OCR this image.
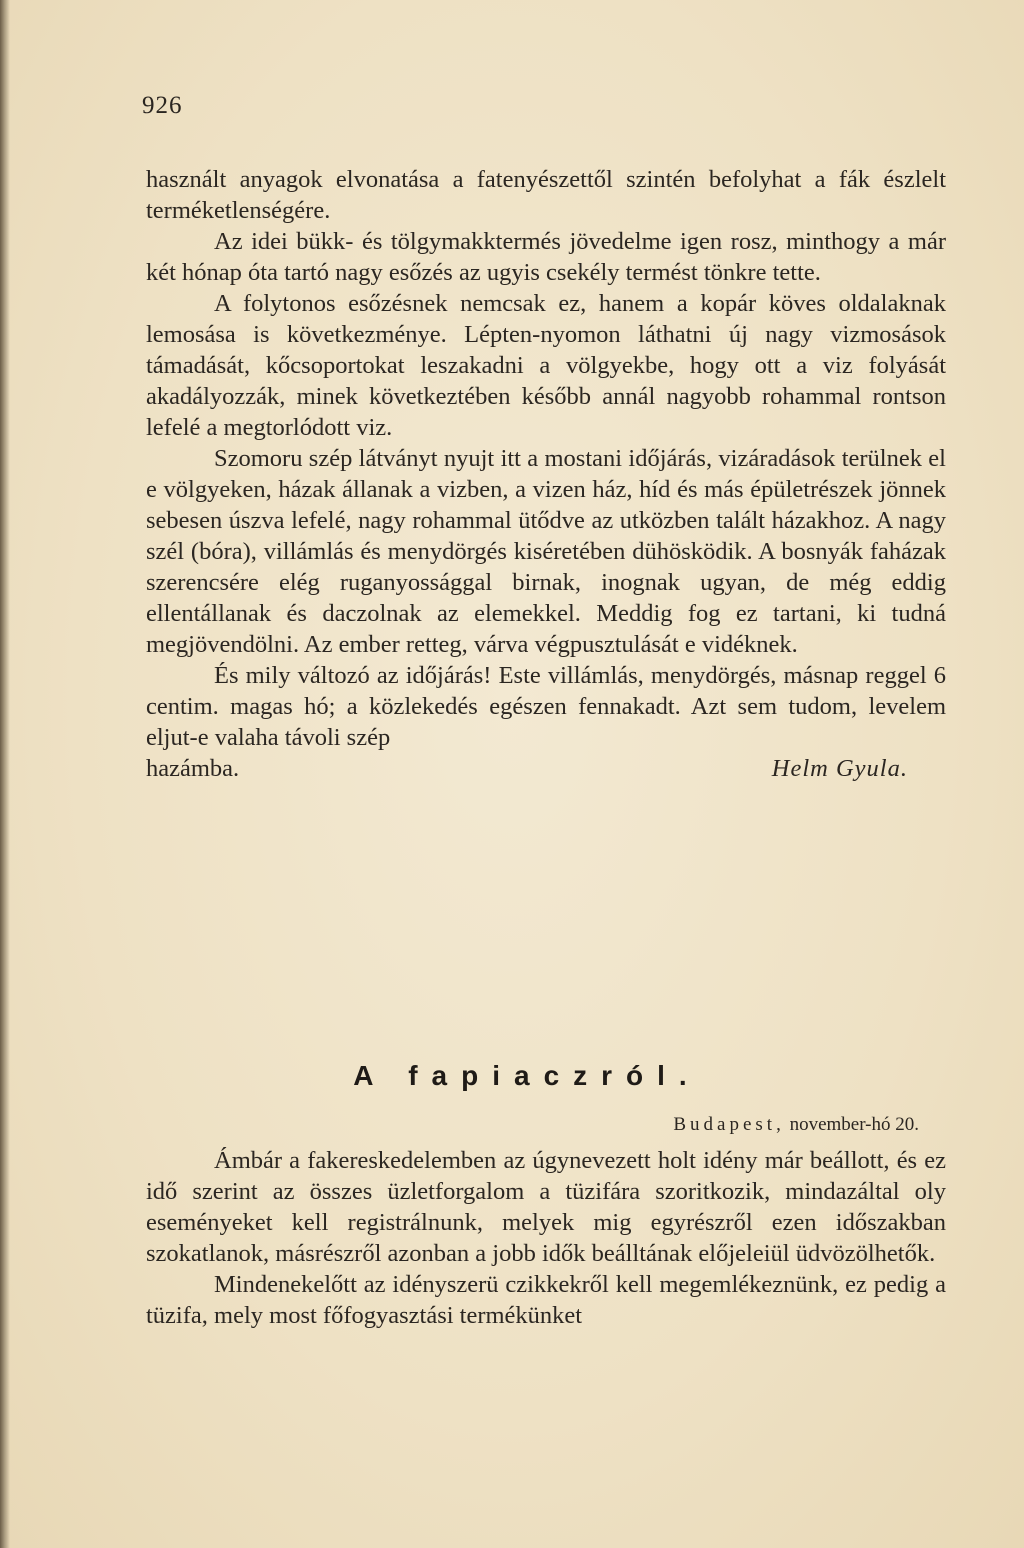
926

használt anyagok elvonatása a fatenyészettől szintén befolyhat a fák észlelt terméketlenségére.

Az idei bükk- és tölgymakktermés jövedelme igen rosz, minthogy a már két hónap óta tartó nagy esőzés az ugyis csekély termést tönkre tette.

A folytonos esőzésnek nemcsak ez, hanem a kopár köves oldalaknak lemosása is következménye. Lépten-nyomon láthatni új nagy vizmosások támadását, kőcsoportokat leszakadni a völgyekbe, hogy ott a viz folyását akadályozzák, minek következtében később annál nagyobb rohammal rontson lefelé a megtorlódott viz.

Szomoru szép látványt nyujt itt a mostani időjárás, vizáradások terülnek el e völgyeken, házak állanak a vizben, a vizen ház, híd és más épületrészek jönnek sebesen úszva lefelé, nagy rohammal ütődve az utközben talált házakhoz. A nagy szél (bóra), villámlás és menydörgés kiséretében dühösködik. A bosnyák faházak szerencsére elég ruganyossággal birnak, inognak ugyan, de még eddig ellentállanak és daczolnak az elemekkel. Meddig fog ez tartani, ki tudná megjövendölni. Az ember retteg, várva végpusztulását e vidéknek.

És mily változó az időjárás! Este villámlás, menydörgés, másnap reggel 6 centim. magas hó; a közlekedés egészen fennakadt. Azt sem tudom, levelem eljut-e valaha távoli szép

hazámba.	Helm Gyula.
A fapiaczról.
Budapest, november-hó 20.

Ámbár a fakereskedelemben az úgynevezett holt idény már beállott, és ez idő szerint az összes üzletforgalom a tüzifára szoritkozik, mindazáltal oly eseményeket kell registrálnunk, melyek mig egyrészről ezen időszakban szokatlanok, másrészről azonban a jobb idők beálltának előjeleiül üdvözölhetők.

Mindenekelőtt az idényszerü czikkekről kell megemlékeznünk, ez pedig a tüzifa, mely most főfogyasztási termékünket
